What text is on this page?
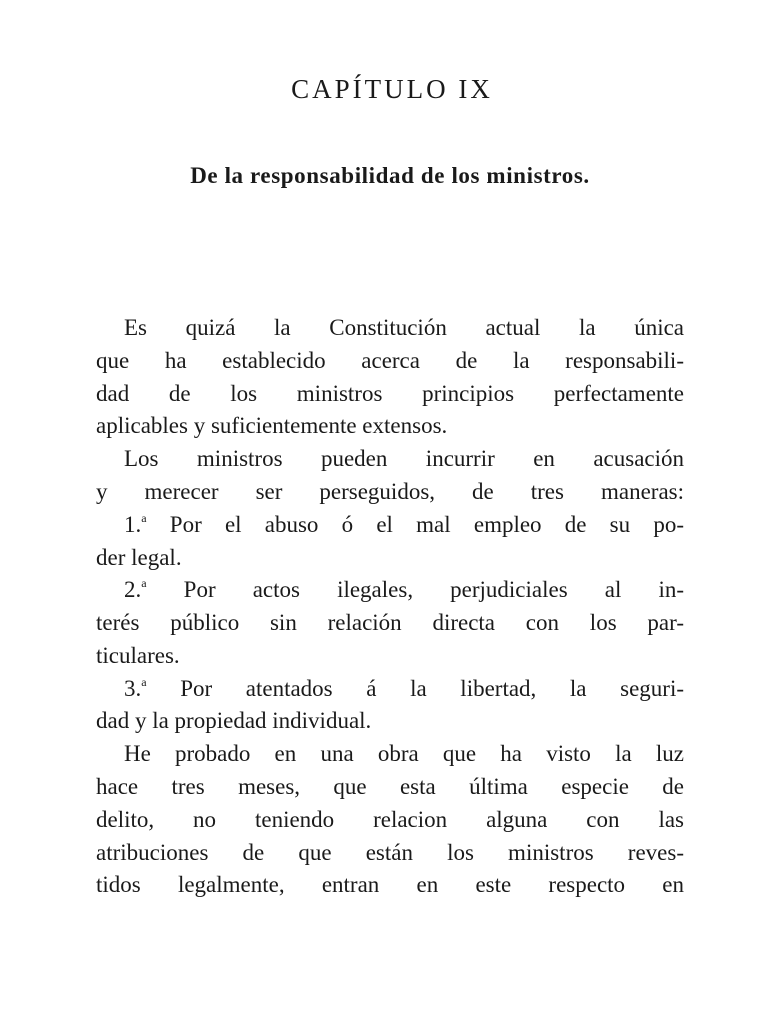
CAPÍTULO IX
De la responsabilidad de los ministros.
Es quizá la Constitución actual la única
que ha establecido acerca de la responsabili-
dad de los ministros principios perfectamente
aplicables y suficientemente extensos.
Los ministros pueden incurrir en acusación
y merecer ser perseguidos, de tres maneras:
1.$^a$ Por el abuso ó el mal empleo de su po-
der legal.
2.$^a$ Por actos ilegales, perjudiciales al in-
terés público sin relación directa con los par-
ticulares.
3.$^a$ Por atentados á la libertad, la seguri-
dad y la propiedad individual.
He probado en una obra que ha visto la luz
hace tres meses, que esta última especie de
delito, no teniendo relacion alguna con las
atribuciones de que están los ministros reves-
tidos legalmente, entran en este respecto en
